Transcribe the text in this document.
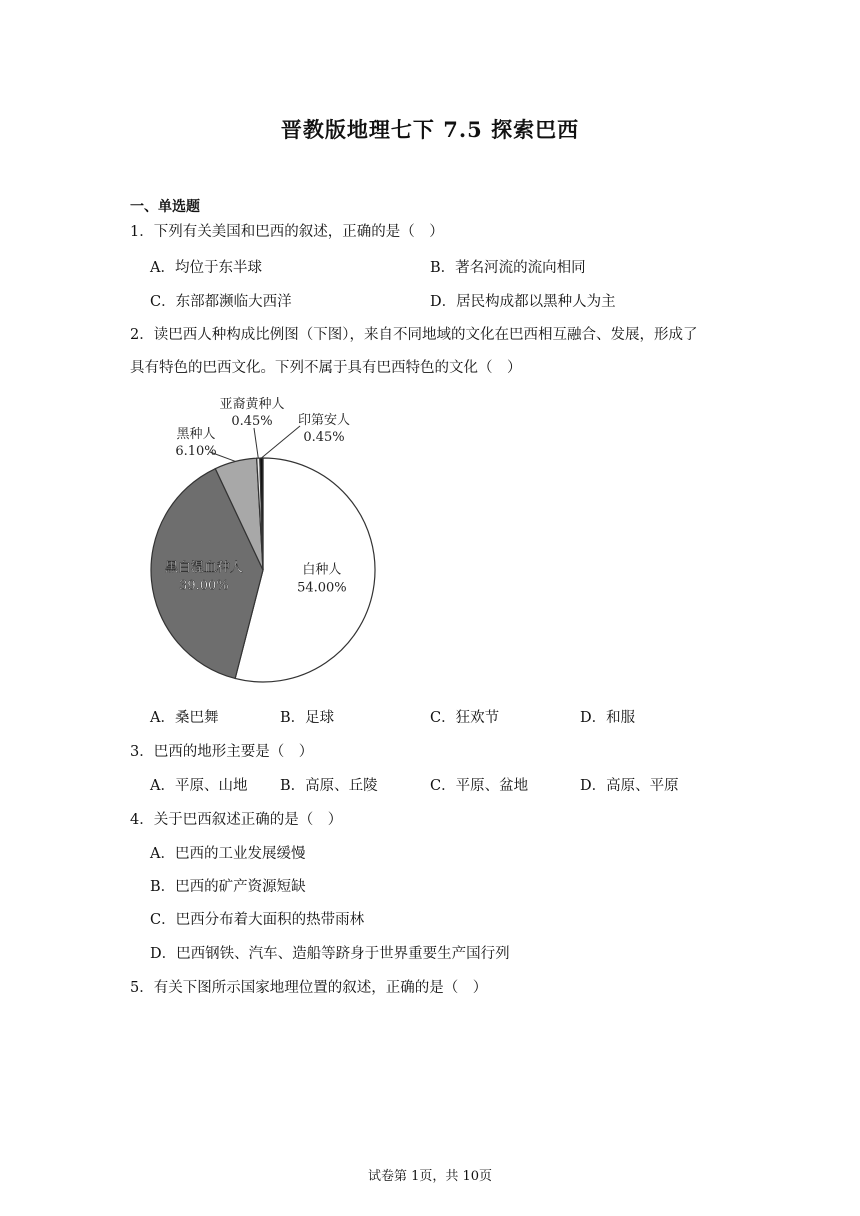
晋教版地理七下 7.5 探索巴西
一、单选题
1．下列有关美国和巴西的叙述，正确的是（　）
A．均位于东半球	B．著名河流的流向相同
C．东部都濒临大西洋	D．居民构成都以黑种人为主
2．读巴西人种构成比例图（下图），来自不同地域的文化在巴西相互融合、发展，形成了
具有特色的巴西文化。下列不属于具有巴西特色的文化（　）
白种人
54.00%
黑白混血种人
39.00%
黑种人
6.10%
亚裔黄种人
0.45% 印第安人
0.45%
A．桑巴舞	B．足球	C．狂欢节	D．和服
3．巴西的地形主要是（　）
A．平原、山地 B．高原、丘陵	C．平原、盆地	D．高原、平原
4．关于巴西叙述正确的是（　）
A．巴西的工业发展缓慢
B．巴西的矿产资源短缺
C．巴西分布着大面积的热带雨林
D．巴西钢铁、汽车、造船等跻身于世界重要生产国行列
5．有关下图所示国家地理位置的叙述，正确的是（　）
试卷第 1页，共 10页
